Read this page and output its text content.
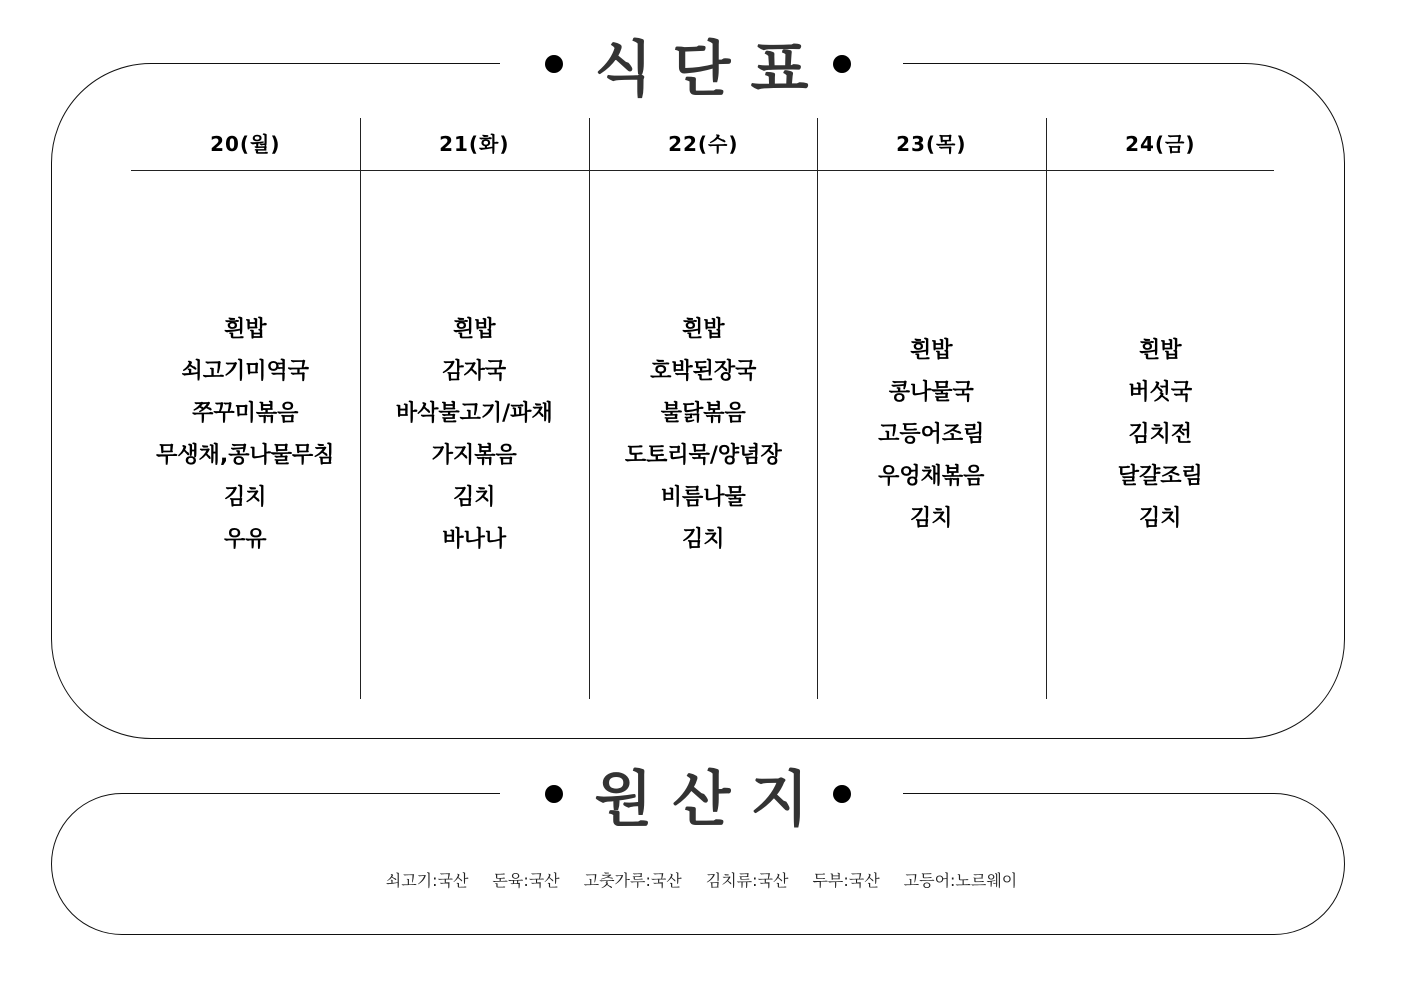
식단표
20(월)
흰밥
쇠고기미역국
쭈꾸미볶음
무생채,콩나물무침
김치
우유
21(화)
흰밥
감자국
바삭불고기/파채
가지볶음
김치
바나나
22(수)
흰밥
호박된장국
불닭볶음
도토리묵/양념장
비름나물
김치
23(목)
흰밥
콩나물국
고등어조림
우엉채볶음
김치
24(금)
흰밥
버섯국
김치전
달걀조림
김치
원산지
쇠고기:국산 돈육:국산 고춧가루:국산 김치류:국산 두부:국산 고등어:노르웨이
